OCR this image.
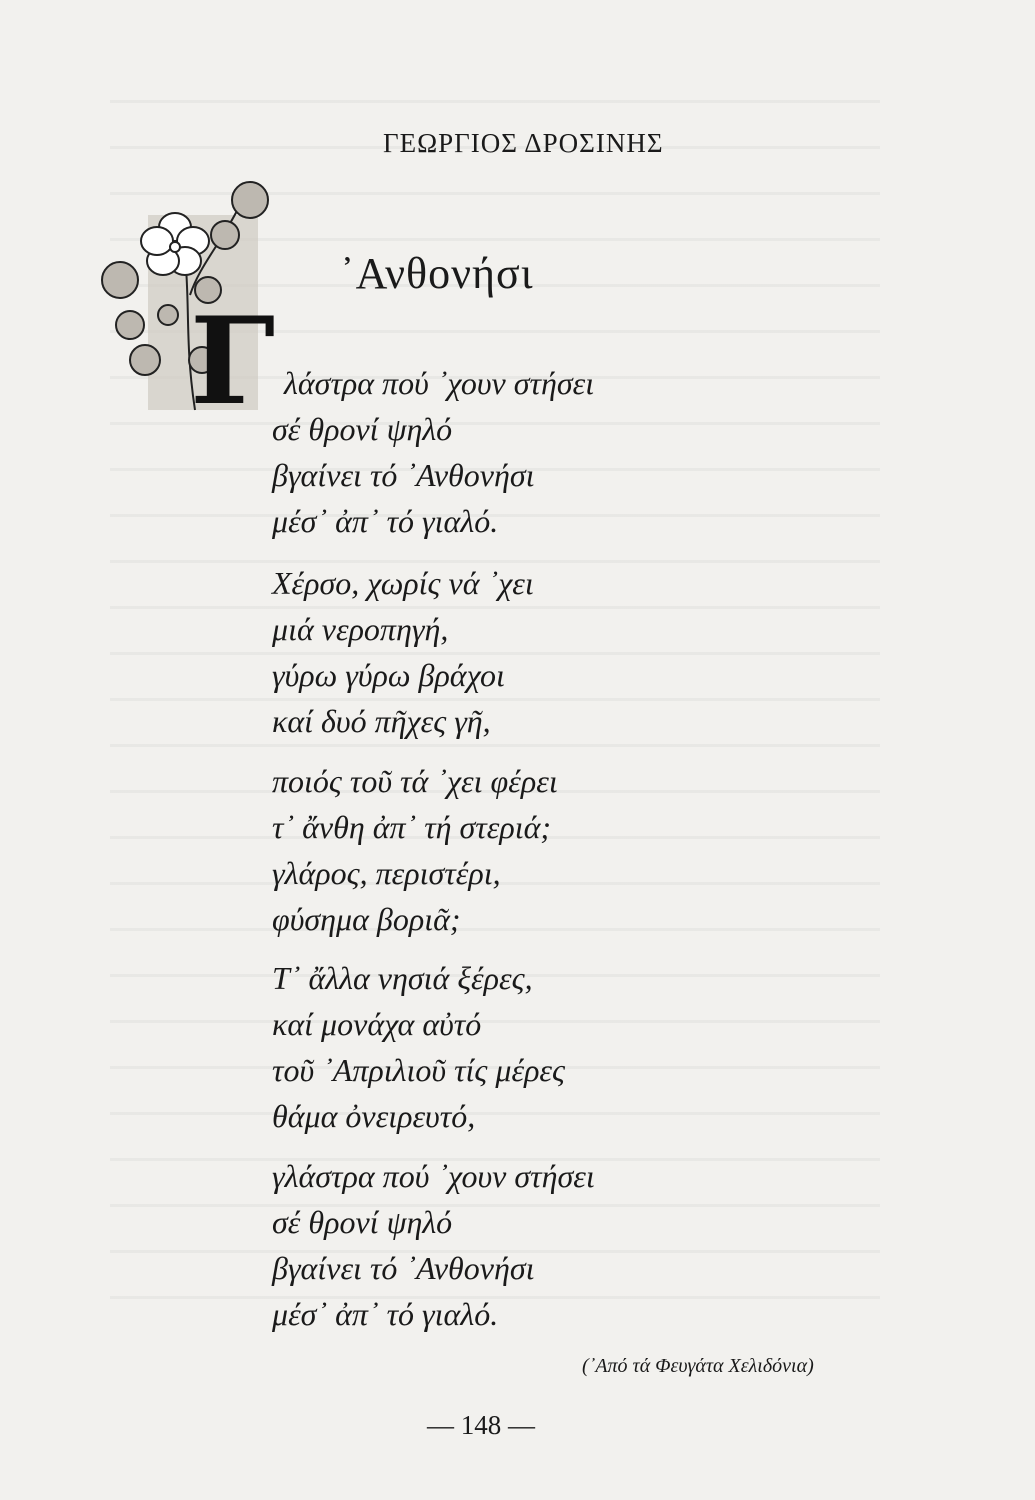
ΓΕΩΡΓΙΟΣ ΔΡΟΣΙΝΗΣ
Γ
᾽Ανθονήσι
λάστρα πού ᾽χουν στήσει
σέ θρονί ψηλό
βγαίνει τό ᾽Ανθονήσι
μέσ᾽ ἀπ᾽ τό γιαλό.
Χέρσο, χωρίς νά ᾽χει
μιά νεροπηγή,
γύρω γύρω βράχοι
καί δυό πῆχες γῆ,
ποιός τοῦ τά ᾽χει φέρει
τ᾽ ἄνθη ἀπ᾽ τή στεριά;
γλάρος, περιστέρι,
φύσημα βοριᾶ;
Τ᾽ ἄλλα νησιά ξέρες,
καί μονάχα αὐτό
τοῦ ᾽Απριλιοῦ τίς μέρες
θάμα ὀνειρευτό,
γλάστρα πού ᾽χουν στήσει
σέ θρονί ψηλό
βγαίνει τό ᾽Ανθονήσι
μέσ᾽ ἀπ᾽ τό γιαλό.
(᾽Από τά Φευγάτα Χελιδόνια)
— 148 —
